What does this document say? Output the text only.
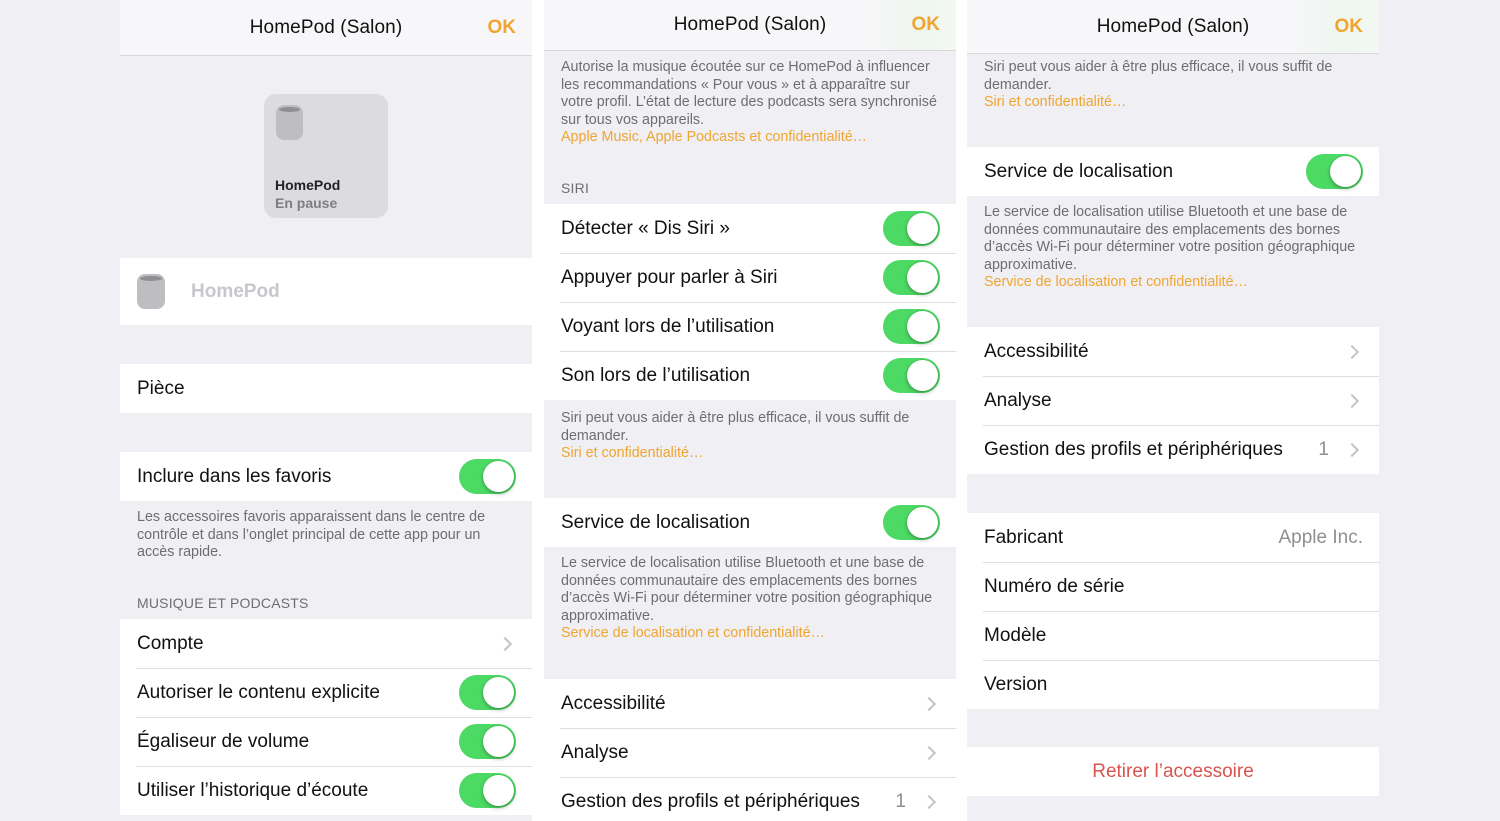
HomePod (Salon)	OK
HomePod
En pause
HomePod
Pièce
Inclure dans les favoris
Les accessoires favoris apparaissent dans le centre de contrôle et dans l’onglet principal de cette app pour un accès rapide.
MUSIQUE ET PODCASTS
Compte
Autoriser le contenu explicite
Égaliseur de volume
Utiliser l’historique d’écoute
Autorise la musique écoutée sur ce HomePod à influencer les recommandations « Pour vous » et à apparaître sur votre profil. L’état de lecture des podcasts sera synchronisé sur tous vos appareils.
Apple Music, Apple Podcasts et confidentialité…
SIRI
Détecter « Dis Siri »
Appuyer pour parler à Siri
Voyant lors de l’utilisation
Son lors de l’utilisation
Siri peut vous aider à être plus efficace, il vous suffit de demander.
Siri et confidentialité…
Service de localisation
Le service de localisation utilise Bluetooth et une base de données communautaire des emplacements des bornes d’accès Wi-Fi pour déterminer votre position géographique approximative.
Service de localisation et confidentialité…
Accessibilité
Analyse
Gestion des profils et périphériques	1
HomePod (Salon)	OK
Siri peut vous aider à être plus efficace, il vous suffit de demander.
Siri et confidentialité…
Service de localisation
Le service de localisation utilise Bluetooth et une base de données communautaire des emplacements des bornes d’accès Wi-Fi pour déterminer votre position géographique approximative.
Service de localisation et confidentialité…
Accessibilité
Analyse
Gestion des profils et périphériques	1
Fabricant	Apple Inc.
Numéro de série
Modèle
Version
Retirer l’accessoire
HomePod (Salon)	OK
